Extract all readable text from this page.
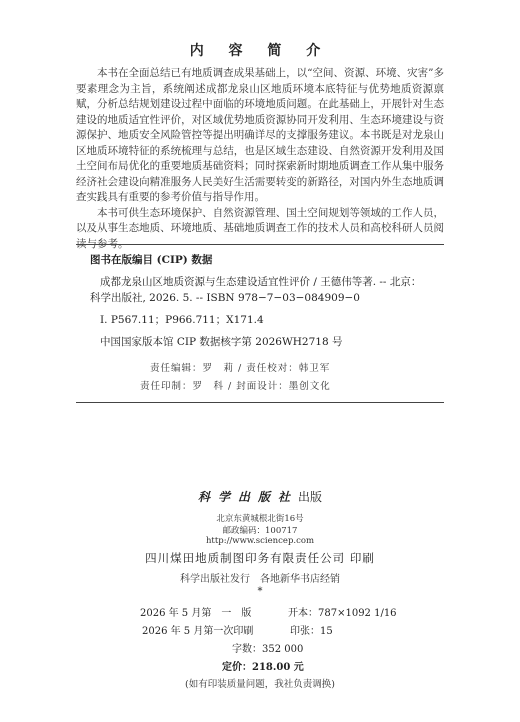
内 容 简 介

本书在全面总结已有地质调查成果基础上，以“空间、资源、环境、灾害”多要素理念为主旨，系统阐述成都龙泉山区地质环境本底特征与优势地质资源禀赋，分析总结规划建设过程中面临的环境地质问题。在此基础上，开展针对生态建设的地质适宜性评价，对区域优势地质资源协同开发利用、生态环境建设与资源保护、地质安全风险管控等提出明确详尽的支撑服务建议。本书既是对龙泉山区地质环境特征的系统梳理与总结，也是区域生态建设、自然资源开发利用及国土空间布局优化的重要地质基础资料；同时探索新时期地质调查工作从集中服务经济社会建设向精准服务人民美好生活需要转变的新路径，对国内外生态地质调查实践具有重要的参考价值与指导作用。

本书可供生态环境保护、自然资源管理、国土空间规划等领域的工作人员，以及从事生态地质、环境地质、基础地质调查工作的技术人员和高校科研人员阅读与参考。

图书在版编目 (CIP) 数据
成都龙泉山区地质资源与生态建设适宜性评价 / 王德伟等著. -- 北京：
科学出版社, 2026. 5. -- ISBN 978−7−03−084909−0
Ⅰ. P567.11；P966.711；X171.4
中国国家版本馆 CIP 数据核字第 2026WH2718 号
责任编辑：罗　莉 / 责任校对：韩卫军
责任印制：罗　科 / 封面设计：墨创文化
科学出版社出版
北京东黄城根北街16号
邮政编码：100717
http://www.sciencep.com
四川煤田地质制图印务有限责任公司 印刷
科学出版社发行　各地新华书店经销
*
2026 年 5 月第　一　版	开本：787×1092 1/16
2026 年 5 月第一次印刷	印张：15
字数：352 000
定价：218.00 元
(如有印装质量问题，我社负责调换)
